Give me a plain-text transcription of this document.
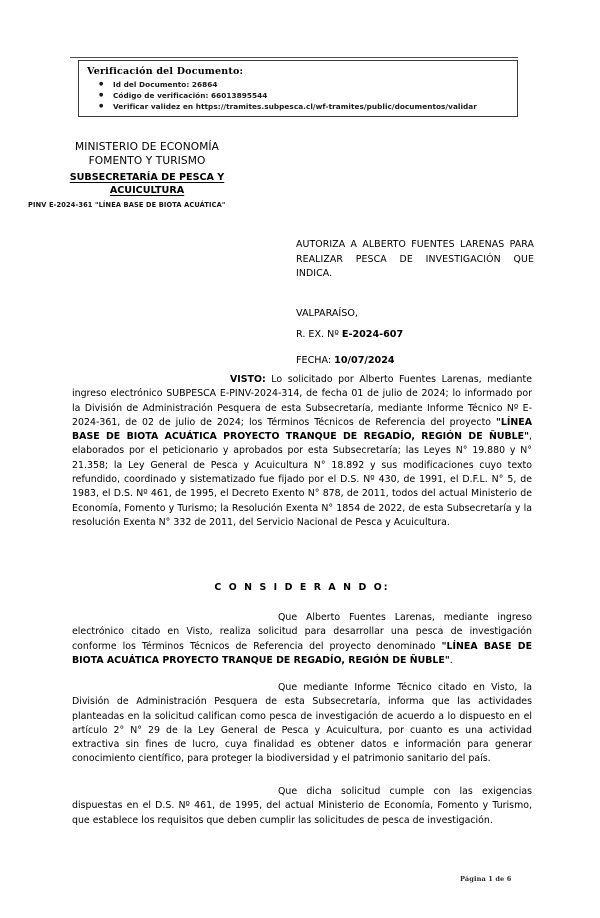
Verificación del Documento:
● Id del Documento: 26864
● Código de verificación: 66013895544
● Verificar validez en https://tramites.subpesca.cl/wf-tramites/public/documentos/validar
MINISTERIO DE ECONOMÍA
FOMENTO Y TURISMO
SUBSECRETARÍA DE PESCA Y
ACUICULTURA
PINV E-2024-361 "LÍNEA BASE DE BIOTA ACUÁTICA"
AUTORIZA A ALBERTO FUENTES LARENAS PARA REALIZAR PESCA DE INVESTIGACIÓN QUE INDICA.
VALPARAÍSO,
R. EX. Nº E-2024-607
FECHA: 10/07/2024
VISTO: Lo solicitado por Alberto Fuentes Larenas, mediante ingreso electrónico SUBPESCA E-PINV-2024-314, de fecha 01 de julio de 2024; lo informado por la División de Administración Pesquera de esta Subsecretaría, mediante Informe Técnico Nº E-2024-361, de 02 de julio de 2024; los Términos Técnicos de Referencia del proyecto "LÍNEA BASE DE BIOTA ACUÁTICA PROYECTO TRANQUE DE REGADÍO, REGIÓN DE ÑUBLE", elaborados por el peticionario y aprobados por esta Subsecretaría; las Leyes N° 19.880 y N° 21.358; la Ley General de Pesca y Acuicultura N° 18.892 y sus modificaciones cuyo texto refundido, coordinado y sistematizado fue fijado por el D.S. Nº 430, de 1991, el D.F.L. N° 5, de 1983, el D.S. Nº 461, de 1995, el Decreto Exento N° 878, de 2011, todos del actual Ministerio de Economía, Fomento y Turismo; la Resolución Exenta N° 1854 de 2022, de esta Subsecretaría y la resolución Exenta N° 332 de 2011, del Servicio Nacional de Pesca y Acuicultura.
C O N S I D E R A N D O:
Que Alberto Fuentes Larenas, mediante ingreso electrónico citado en Visto, realiza solicitud para desarrollar una pesca de investigación conforme los Términos Técnicos de Referencia del proyecto denominado "LÍNEA BASE DE BIOTA ACUÁTICA PROYECTO TRANQUE DE REGADÍO, REGIÓN DE ÑUBLE".
Que mediante Informe Técnico citado en Visto, la División de Administración Pesquera de esta Subsecretaría, informa que las actividades planteadas en la solicitud califican como pesca de investigación de acuerdo a lo dispuesto en el artículo 2° N° 29 de la Ley General de Pesca y Acuicultura, por cuanto es una actividad extractiva sin fines de lucro, cuya finalidad es obtener datos e información para generar conocimiento científico, para proteger la biodiversidad y el patrimonio sanitario del país.
Que dicha solicitud cumple con las exigencias dispuestas en el D.S. Nº 461, de 1995, del actual Ministerio de Economía, Fomento y Turismo, que establece los requisitos que deben cumplir las solicitudes de pesca de investigación.
Página 1 de 6
